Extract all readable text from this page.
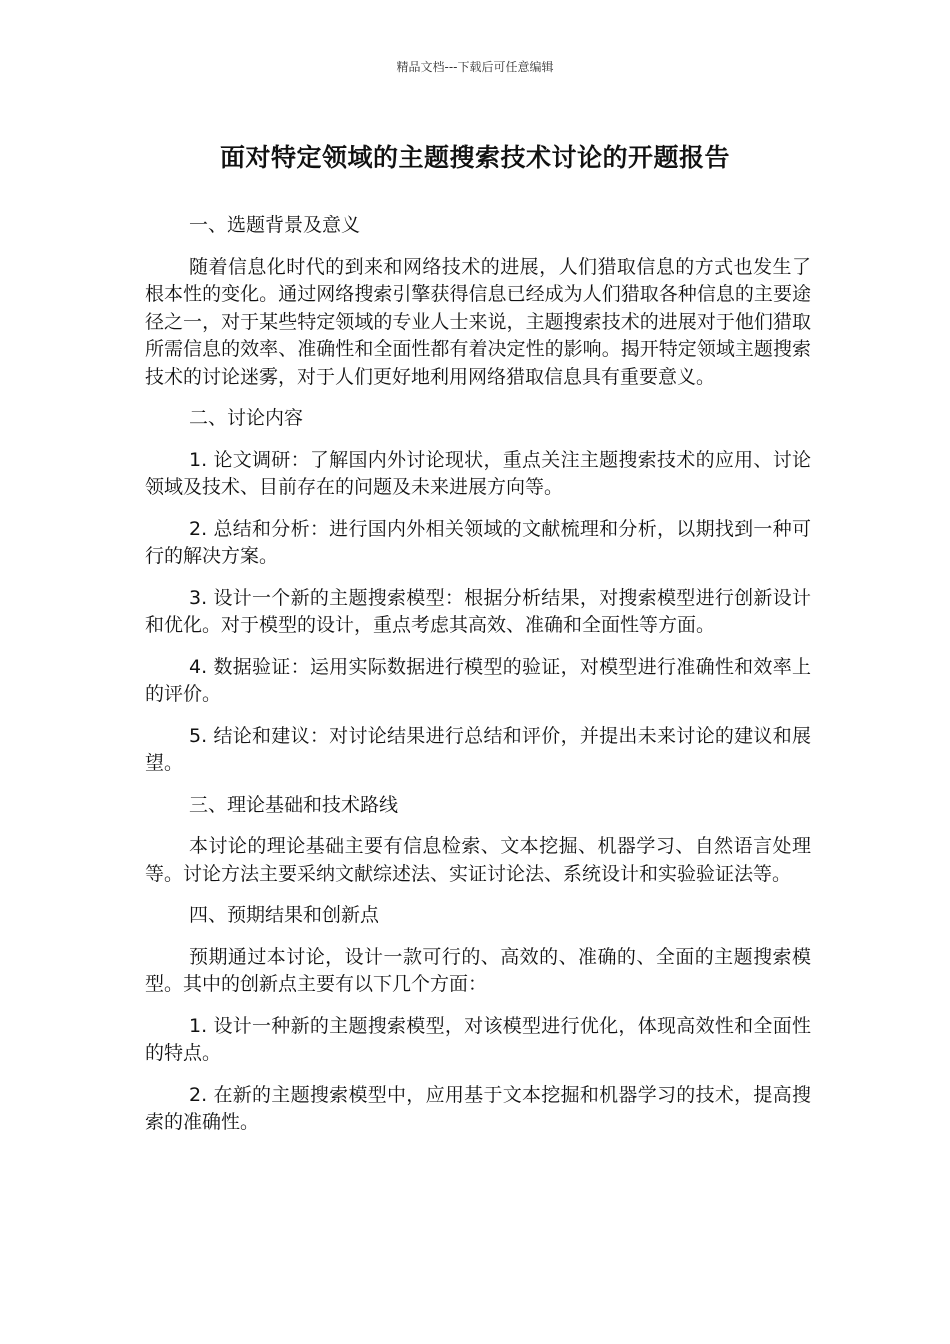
精品文档---下载后可任意编辑
面对特定领域的主题搜索技术讨论的开题报告

一、选题背景及意义

随着信息化时代的到来和网络技术的进展，人们猎取信息的方式也发生了根本性的变化。通过网络搜索引擎获得信息已经成为人们猎取各种信息的主要途径之一，对于某些特定领域的专业人士来说，主题搜索技术的进展对于他们猎取所需信息的效率、准确性和全面性都有着决定性的影响。揭开特定领域主题搜索技术的讨论迷雾，对于人们更好地利用网络猎取信息具有重要意义。

二、讨论内容

1. 论文调研：了解国内外讨论现状，重点关注主题搜索技术的应用、讨论领域及技术、目前存在的问题及未来进展方向等。

2. 总结和分析：进行国内外相关领域的文献梳理和分析，以期找到一种可行的解决方案。

3. 设计一个新的主题搜索模型：根据分析结果，对搜索模型进行创新设计和优化。对于模型的设计，重点考虑其高效、准确和全面性等方面。

4. 数据验证：运用实际数据进行模型的验证，对模型进行准确性和效率上的评价。

5. 结论和建议：对讨论结果进行总结和评价，并提出未来讨论的建议和展望。

三、理论基础和技术路线

本讨论的理论基础主要有信息检索、文本挖掘、机器学习、自然语言处理等。讨论方法主要采纳文献综述法、实证讨论法、系统设计和实验验证法等。

四、预期结果和创新点

预期通过本讨论，设计一款可行的、高效的、准确的、全面的主题搜索模型。其中的创新点主要有以下几个方面：

1. 设计一种新的主题搜索模型，对该模型进行优化，体现高效性和全面性的特点。

2. 在新的主题搜索模型中，应用基于文本挖掘和机器学习的技术，提高搜索的准确性。
